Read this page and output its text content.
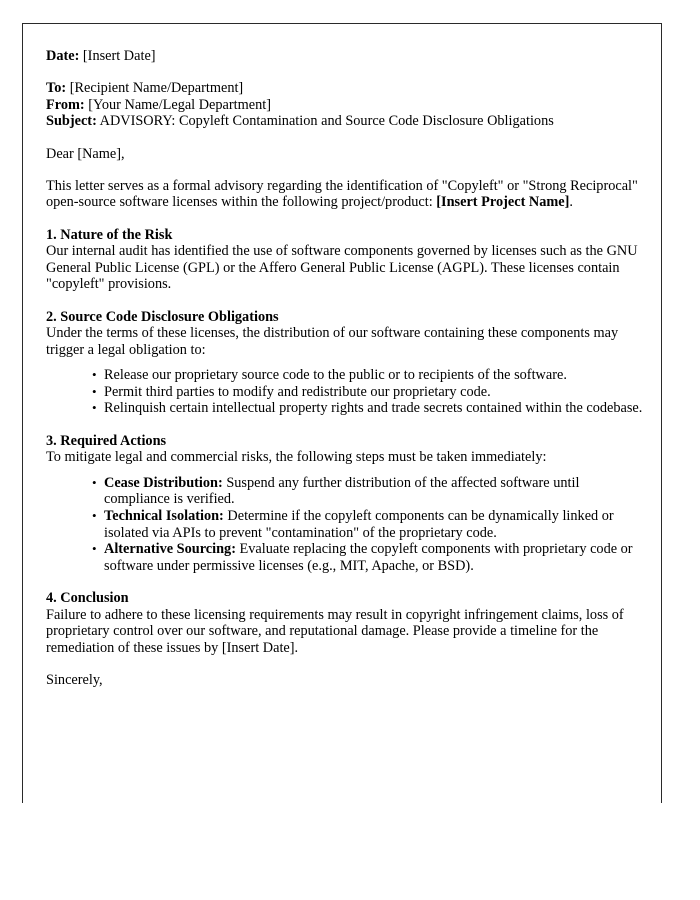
Date: [Insert Date]

To: [Recipient Name/Department]

From: [Your Name/Legal Department]

Subject: ADVISORY: Copyleft Contamination and Source Code Disclosure Obligations

Dear [Name],

This letter serves as a formal advisory regarding the identification of "Copyleft" or "Strong Reciprocal" open-source software licenses within the following project/product: [Insert Project Name].

1. Nature of the Risk

Our internal audit has identified the use of software components governed by licenses such as the GNU General Public License (GPL) or the Affero General Public License (AGPL). These licenses contain "copyleft" provisions.

2. Source Code Disclosure Obligations

Under the terms of these licenses, the distribution of our software containing these components may trigger a legal obligation to:

• Release our proprietary source code to the public or to recipients of the software.
• Permit third parties to modify and redistribute our proprietary code.
• Relinquish certain intellectual property rights and trade secrets contained within the codebase.
3. Required Actions

To mitigate legal and commercial risks, the following steps must be taken immediately:

• Cease Distribution: Suspend any further distribution of the affected software until compliance is verified.
• Technical Isolation: Determine if the copyleft components can be dynamically linked or isolated via APIs to prevent "contamination" of the proprietary code.
• Alternative Sourcing: Evaluate replacing the copyleft components with proprietary code or software under permissive licenses (e.g., MIT, Apache, or BSD).
4. Conclusion

Failure to adhere to these licensing requirements may result in copyright infringement claims, loss of proprietary control over our software, and reputational damage. Please provide a timeline for the remediation of these issues by [Insert Date].

Sincerely,
